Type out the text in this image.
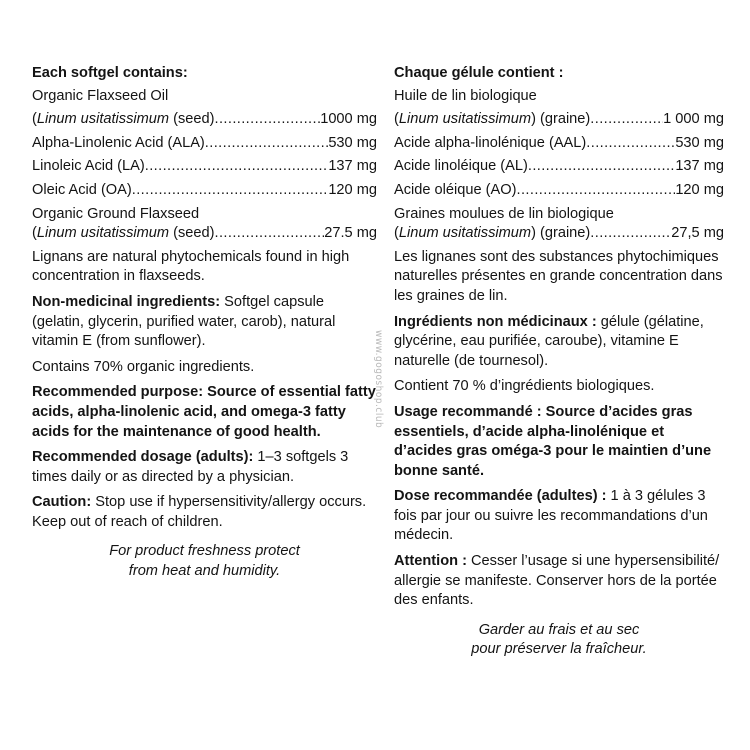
Each softgel contains:
Organic Flaxseed Oil
(Linum usitatissimum (seed) .....	1000 mg
Alpha-Linolenic Acid (ALA) .....	530 mg
Linoleic Acid (LA) .....	137 mg
Oleic Acid (OA) .....	120 mg
Organic Ground Flaxseed
(Linum usitatissimum (seed) .....	27.5 mg
Lignans are natural phytochemicals found in high concentration in flaxseeds.
Non-medicinal ingredients: Softgel capsule (gelatin, glycerin, purified water, carob), natural vitamin E (from sunflower).
Contains 70% organic ingredients.
Recommended purpose: Source of essential fatty acids, alpha-linolenic acid, and omega-3 fatty acids for the maintenance of good health.
Recommended dosage (adults): 1–3 softgels 3 times daily or as directed by a physician.
Caution: Stop use if hypersensitivity/allergy occurs. Keep out of reach of children.
For product freshness protect
from heat and humidity.
Chaque gélule contient :
Huile de lin biologique
(Linum usitatissimum) (graine) .....	1 000 mg
Acide alpha-linolénique (AAL) .....	530 mg
Acide linoléique (AL) .....	137 mg
Acide oléique (AO) .....	120 mg
Graines moulues de lin biologique
(Linum usitatissimum) (graine) .....	27,5 mg
Les lignanes sont des substances phytochimiques naturelles présentes en grande concentration dans les graines de lin.
Ingrédients non médicinaux : gélule (gélatine, glycérine, eau purifiée, caroube), vitamine E naturelle (de tournesol).
Contient 70 % d’ingrédients biologiques.
Usage recommandé : Source d’acides gras essentiels, d’acide alpha-linolénique et d’acides gras oméga-3 pour le maintien d’une bonne santé.
Dose recommandée (adultes) : 1 à 3 gélules 3 fois par jour ou suivre les recommandations d’un médecin.
Attention : Cesser l’usage si une hypersensibilité/ allergie se manifeste. Conserver hors de la portée des enfants.
Garder au frais et au sec
pour préserver la fraîcheur.
www.gogoshop.club
